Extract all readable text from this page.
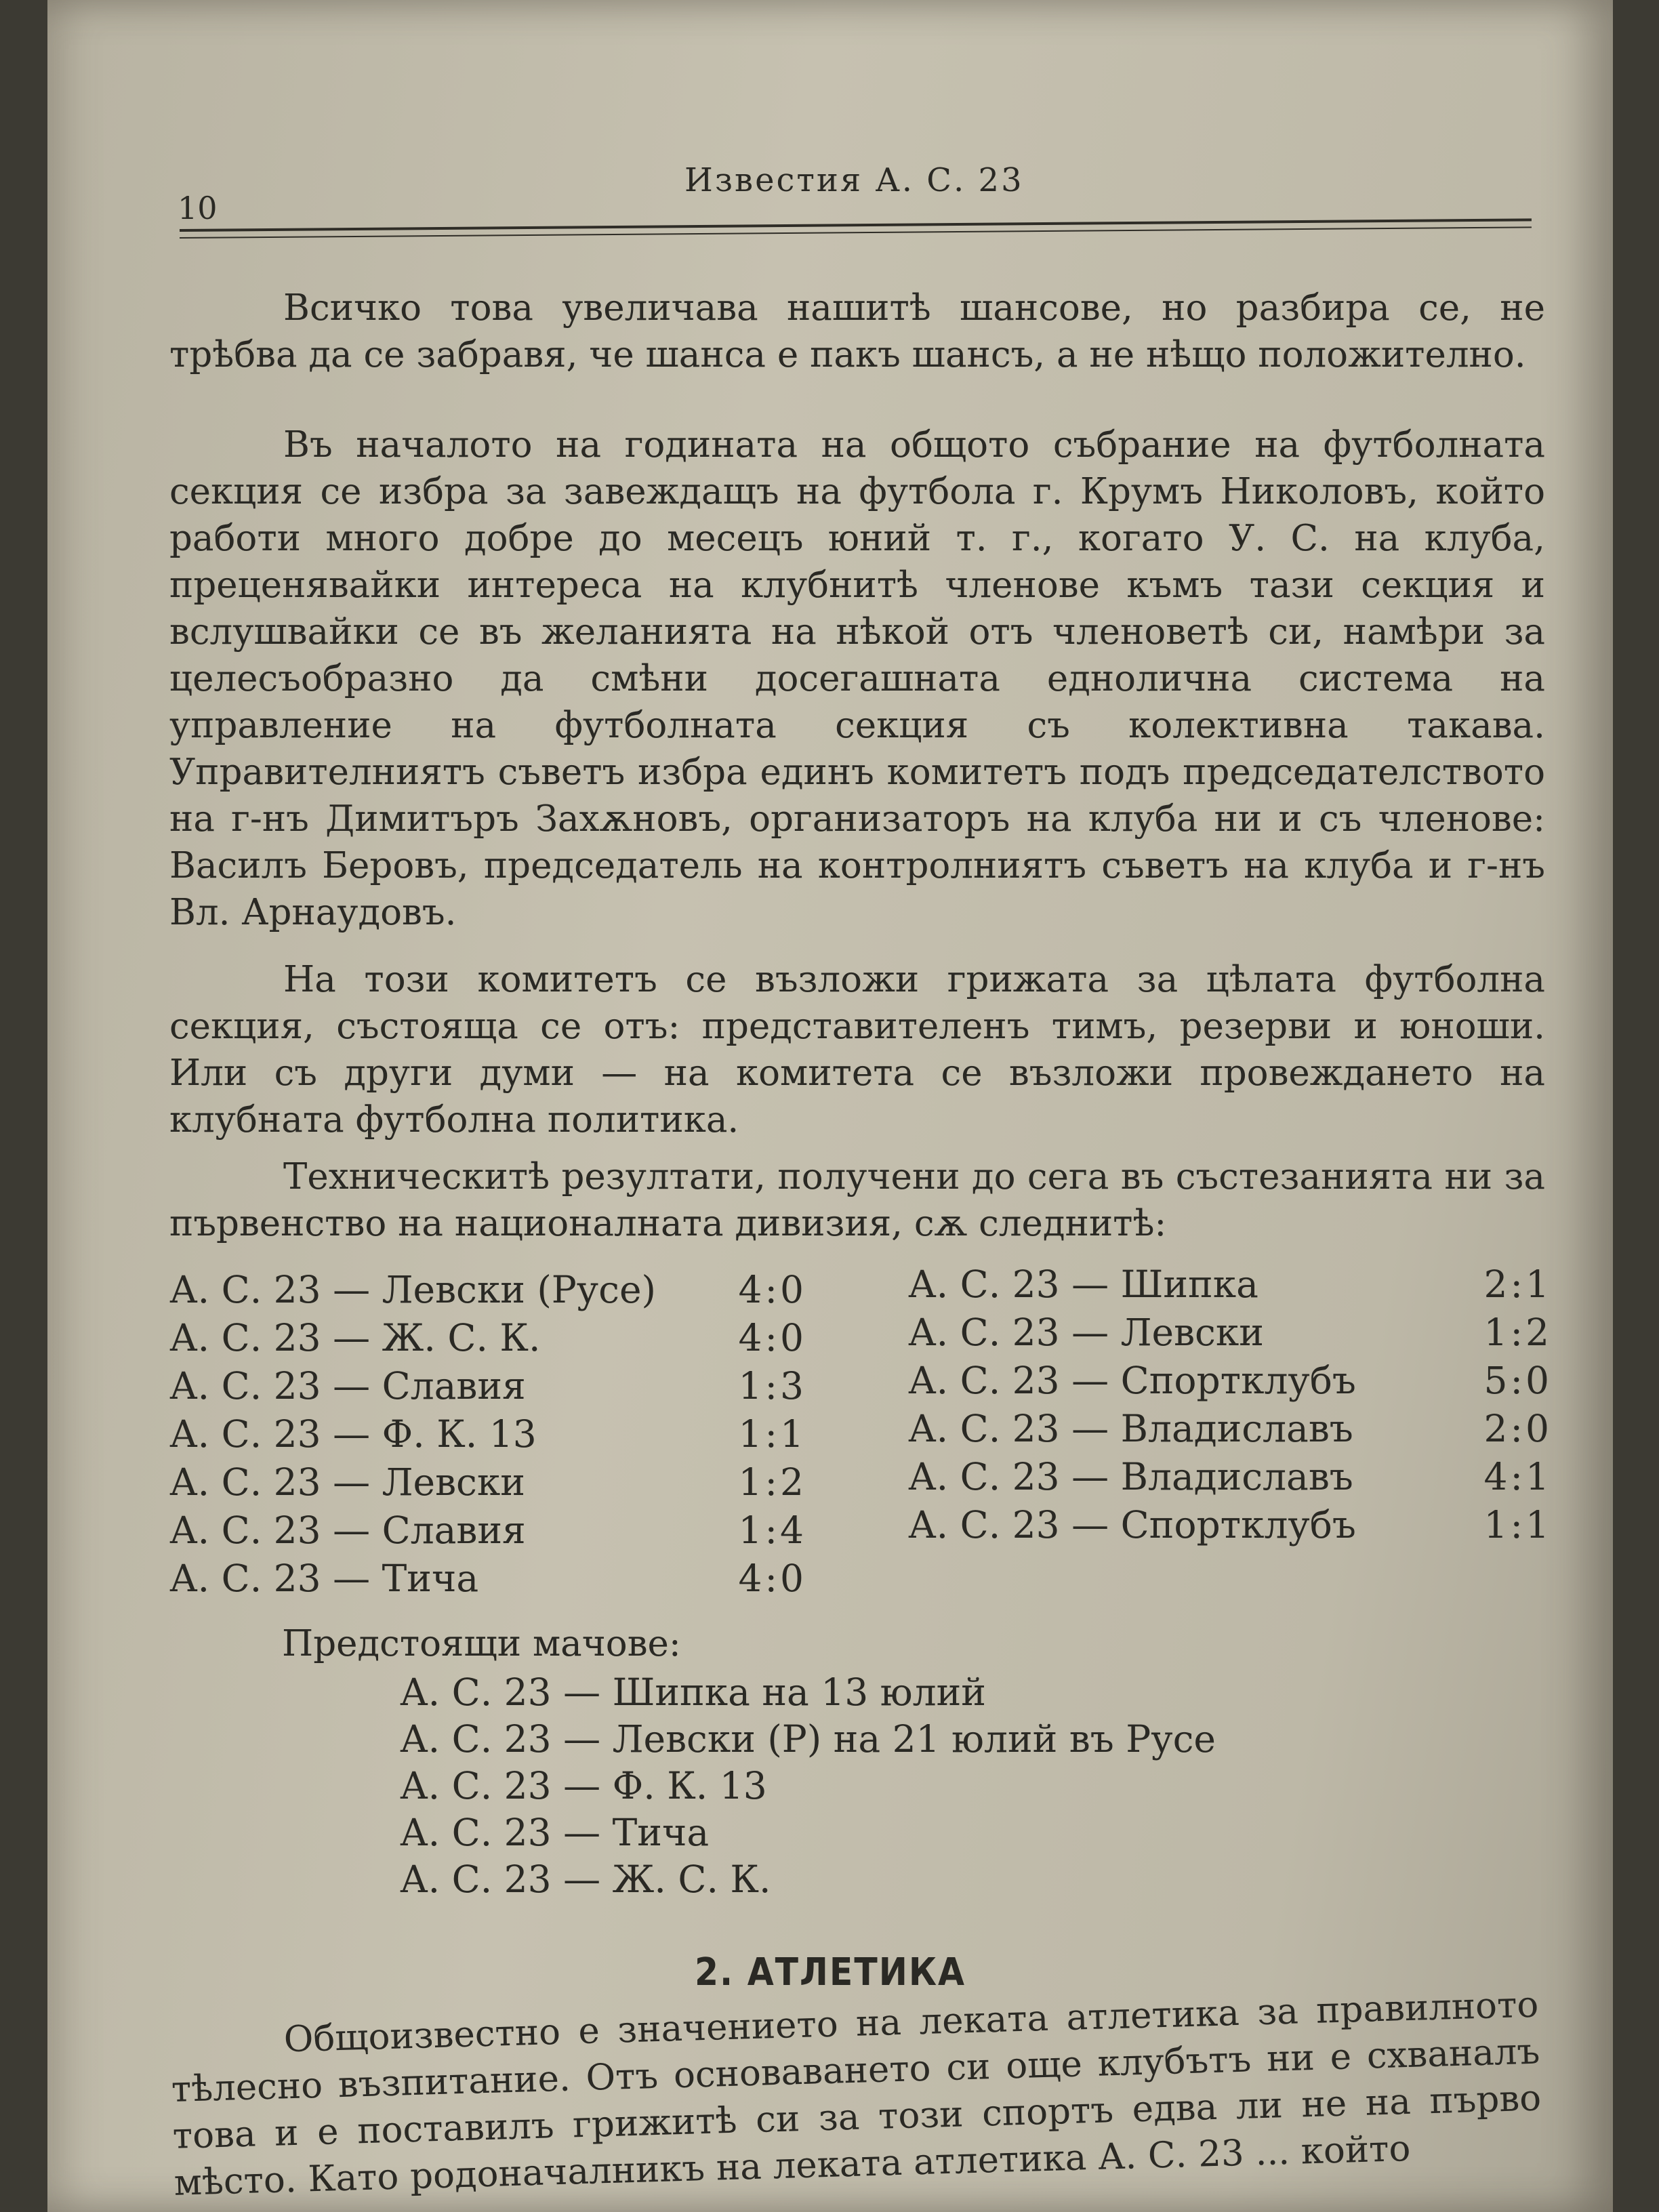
Известия А. С. 23
10

Всичко това увеличава нашитѣ шансове, но разбира се, не трѣбва да се забравя, че шанса е пакъ шансъ, а не нѣщо положително.

Въ началото на годината на общото събрание на футболната секция се избра за завеждащъ на футбола г. Крумъ Николовъ, който работи много добре до месецъ юний т. г., когато У. С. на клуба, преценявайки интереса на клубнитѣ членове къмъ тази секция и вслушвайки се въ желанията на нѣкой отъ членоветѣ си, намѣри за целесъобразно да смѣни досегашната еднолична система на управление на футболната секция съ колективна такава. Управителниятъ съветъ избра единъ комитетъ подъ председателството на г-нъ Димитъръ Захѫновъ, организаторъ на клуба ни и съ членове: Василъ Беровъ, председатель на контролниятъ съветъ на клуба и г-нъ Вл. Арнаудовъ.

На този комитетъ се възложи грижата за цѣлата футболна секция, състояща се отъ: представителенъ тимъ, резерви и юноши. Или съ други думи — на комитета се възложи провеждането на клубната футболна политика.

Техническитѣ резултати, получени до сега въ състезанията ни за първенство на националната дивизия, сѫ следнитѣ:

А. С. 23 — Левски (Русе) 4:0
А. С. 23 — Ж. С. К.	4:0
А. С. 23 — Славия	1:3
А. С. 23 — Ф. К. 13	1:1
А. С. 23 — Левски	1:2
А. С. 23 — Славия	1:4
А. С. 23 — Тича	4:0
А. С. 23 — Шипка	2:1
А. С. 23 — Левски	1:2
А. С. 23 — Спортклубъ	5:0
А. С. 23 — Владиславъ	2:0
А. С. 23 — Владиславъ	4:1
А. С. 23 — Спортклубъ	1:1
Предстоящи мачове:
А. С. 23 — Шипка на 13 юлий
А. С. 23 — Левски (Р) на 21 юлий въ Русе
А. С. 23 — Ф. К. 13
А. С. 23 — Тича
А. С. 23 — Ж. С. К.
2. АТЛЕТИКА

Общоизвестно е значението на леката атлетика за правилното тѣлесно възпитание. Отъ основаването си още клубътъ ни е схваналъ това и е поставилъ грижитѣ си за този спортъ едва ли не на първо мѣсто. Като родоначалникъ на леката атлетика А. С. 23 ... който
